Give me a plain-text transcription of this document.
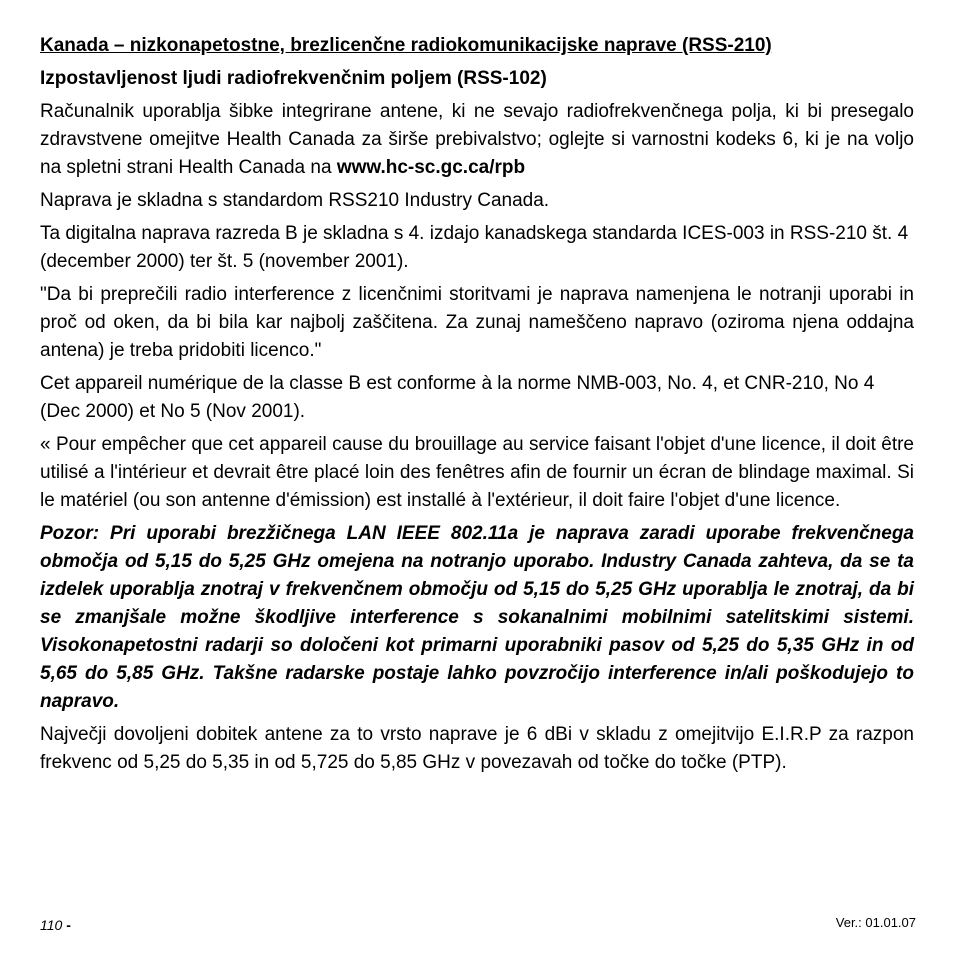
Kanada – nizkonapetostne, brezlicenčne radiokomunikacijske naprave (RSS-210)
Izpostavljenost ljudi radiofrekvenčnim poljem (RSS-102)

Računalnik uporablja šibke integrirane antene, ki ne sevajo radiofrekvenčnega polja, ki bi presegalo zdravstvene omejitve Health Canada za širše prebivalstvo; oglejte si varnostni kodeks 6, ki je na voljo na spletni strani Health Canada na www.hc-sc.gc.ca/rpb

Naprava je skladna s standardom RSS210 Industry Canada.

Ta digitalna naprava razreda B je skladna s 4. izdajo kanadskega standarda ICES-003 in RSS-210 št. 4 (december 2000) ter št. 5 (november 2001).

"Da bi preprečili radio interference z licenčnimi storitvami je naprava namenjena le notranji uporabi in proč od oken, da bi bila kar najbolj zaščitena. Za zunaj nameščeno napravo (oziroma njena oddajna antena) je treba pridobiti licenco."

Cet appareil numérique de la classe B est conforme à la norme NMB-003, No. 4, et CNR-210, No 4 (Dec 2000) et No 5 (Nov 2001).

« Pour empêcher que cet appareil cause du brouillage au service faisant l'objet d'une licence, il doit être utilisé a l'intérieur et devrait être placé loin des fenêtres afin de fournir un écran de blindage maximal. Si le matériel (ou son antenne d'émission) est installé à l'extérieur, il doit faire l'objet d'une licence.

Pozor: Pri uporabi brezžičnega LAN IEEE 802.11a je naprava zaradi uporabe frekvenčnega območja od 5,15 do 5,25 GHz omejena na notranjo uporabo. Industry Canada zahteva, da se ta izdelek uporablja znotraj v frekvenčnem območju od 5,15 do 5,25 GHz uporablja le znotraj, da bi se zmanjšale možne škodljive interference s sokanalnimi mobilnimi satelitskimi sistemi. Visokonapetostni radarji so določeni kot primarni uporabniki pasov od 5,25 do 5,35 GHz in od 5,65 do 5,85 GHz. Takšne radarske postaje lahko povzročijo interference in/ali poškodujejo to napravo.

Največji dovoljeni dobitek antene za to vrsto naprave je 6 dBi v skladu z omejitvijo E.I.R.P za razpon frekvenc od 5,25 do 5,35 in od 5,725 do 5,85 GHz v povezavah od točke do točke (PTP).

110 -	Ver.: 01.01.07
